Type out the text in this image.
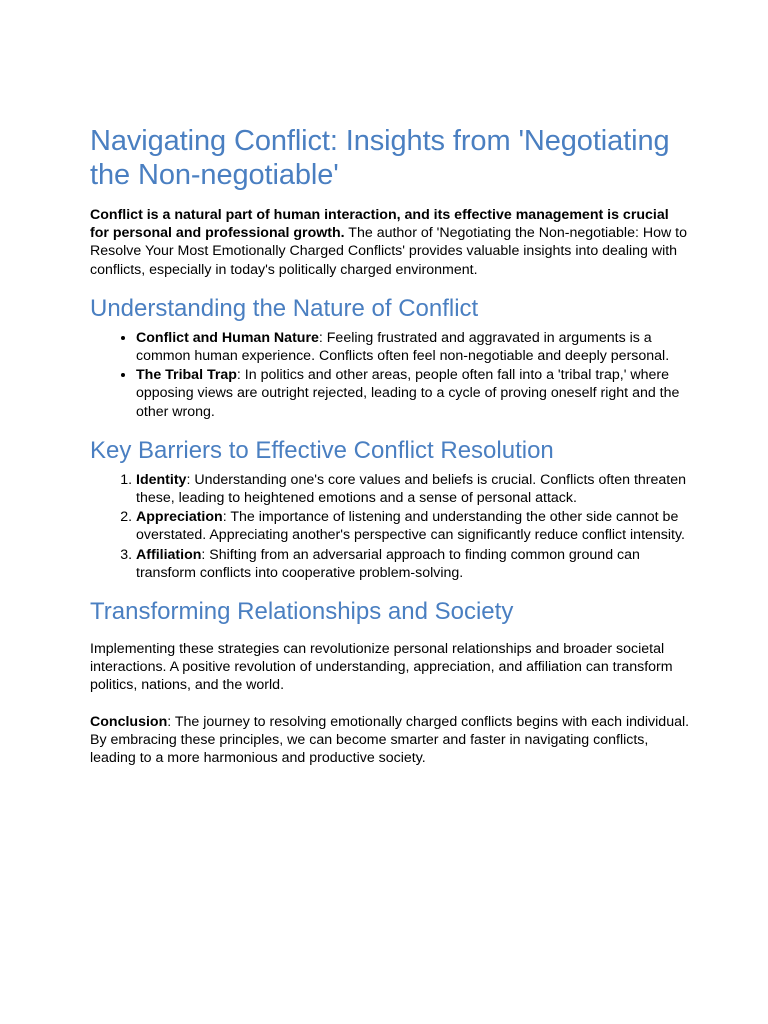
Navigating Conflict: Insights from 'Negotiating the Non-negotiable'

Conflict is a natural part of human interaction, and its effective management is crucial for personal and professional growth. The author of 'Negotiating the Non-negotiable: How to Resolve Your Most Emotionally Charged Conflicts' provides valuable insights into dealing with conflicts, especially in today's politically charged environment.

Understanding the Nature of Conflict
• Conflict and Human Nature: Feeling frustrated and aggravated in arguments is a common human experience. Conflicts often feel non-negotiable and deeply personal.
• The Tribal Trap: In politics and other areas, people often fall into a 'tribal trap,' where opposing views are outright rejected, leading to a cycle of proving oneself right and the other wrong.
Key Barriers to Effective Conflict Resolution
1. Identity: Understanding one's core values and beliefs is crucial. Conflicts often threaten these, leading to heightened emotions and a sense of personal attack.
2. Appreciation: The importance of listening and understanding the other side cannot be overstated. Appreciating another's perspective can significantly reduce conflict intensity.
3. Affiliation: Shifting from an adversarial approach to finding common ground can transform conflicts into cooperative problem-solving.
Transforming Relationships and Society

Implementing these strategies can revolutionize personal relationships and broader societal interactions. A positive revolution of understanding, appreciation, and affiliation can transform politics, nations, and the world.

Conclusion: The journey to resolving emotionally charged conflicts begins with each individual. By embracing these principles, we can become smarter and faster in navigating conflicts, leading to a more harmonious and productive society.
